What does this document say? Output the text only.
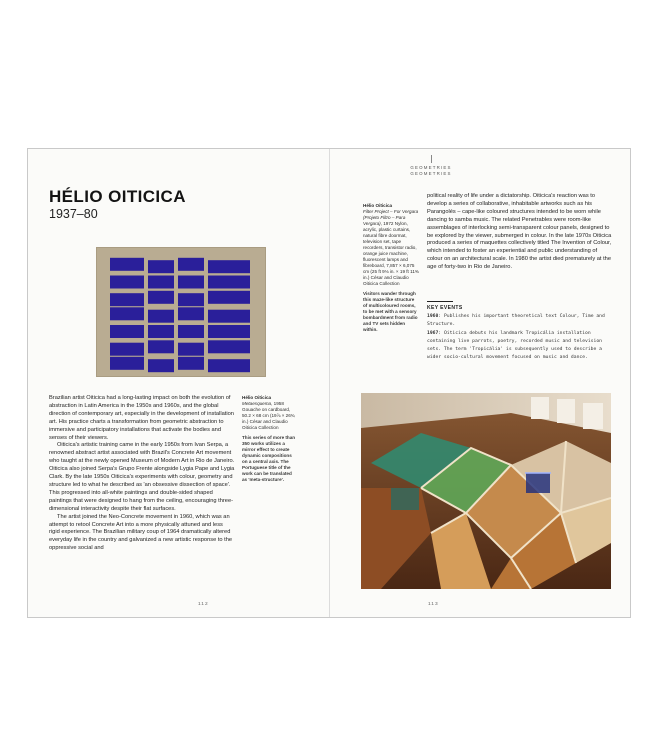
HÉLIO OITICICA
1937–80

Brazilian artist Oiticica had a long-lasting impact on both the evolution of abstraction in Latin America in the 1950s and 1960s, and the global direction of contemporary art, especially in the development of installation art. His practice charts a transformation from geometric abstraction to immersive and participatory installations that activate the bodies and senses of their viewers.

Oiticica's artistic training came in the early 1950s from Ivan Serpa, a renowned abstract artist associated with Brazil's Concrete Art movement who taught at the newly opened Museum of Modern Art in Rio de Janeiro. Oiticica also joined Serpa's Grupo Frente alongside Lygia Pape and Lygia Clark. By the late 1950s Oiticica's experiments with colour, geometry and structure led to what he described as 'an obsessive dissection of space'. This progressed into all-white paintings and double-sided shaped paintings that were designed to hang from the ceiling, encouraging three-dimensional interactivity despite their flat surfaces.

The artist joined the Neo-Concrete movement in 1960, which was an attempt to retool Concrete Art into a more physically attuned and less rigid experience. The Brazilian military coup of 1964 dramatically altered everyday life in the country and galvanized a new artistic response to the oppressive social and

Hélio Oiticica
Metaesquema, 1958 Gouache on cardboard, 50.2 × 68 cm (19⅞ × 26¾ in.) César and Claudio Oiticica Collection
This series of more than 350 works utilizes a mirror effect to create dynamic compositions on a central axis. The Portuguese title of the work can be translated as 'meta-structure'.
112
GEOMETRIES
GEOMETRIES
Hélio Oiticica
Filter Project – For Vergara (Projeto Filtro – Para Vergara), 1972 Nylon, acrylic, plastic curtains, natural fibre doormat, television set, tape recorders, transistor radio, orange juice machine, fluorescent lamps and fibreboard, 7,857 × 6,075 cm (25 ft 9⅛ in. × 19 ft 11⅜ in.) César and Claudio Oiticica Collection
Visitors wander through this maze-like structure of multicoloured rooms, to be met with a sensory bombardment from radio and TV sets hidden within.

political reality of life under a dictatorship. Oiticica's reaction was to develop a series of collaborative, inhabitable artworks such as his Parangolés – cape-like coloured structures intended to be worn while dancing to samba music. The related Penetrables were room-like assemblages of interlocking semi-transparent colour panels, designed to be explored by the viewer, submerged in colour. In the late 1970s Oiticica produced a series of maquettes collectively titled The Invention of Colour, which intended to foster an experiential and public understanding of colour on an architectural scale. In 1980 the artist died prematurely at the age of forty-two in Rio de Janeiro.

KEY EVENTS
1960: Publishes his important theoretical text Colour, Time and Structure.
1967: Oiticica debuts his landmark Tropicália installation containing live parrots, poetry, recorded music and television sets. The term 'Tropicália' is subsequently used to describe a wider socio-cultural movement focused on music and dance.
113
